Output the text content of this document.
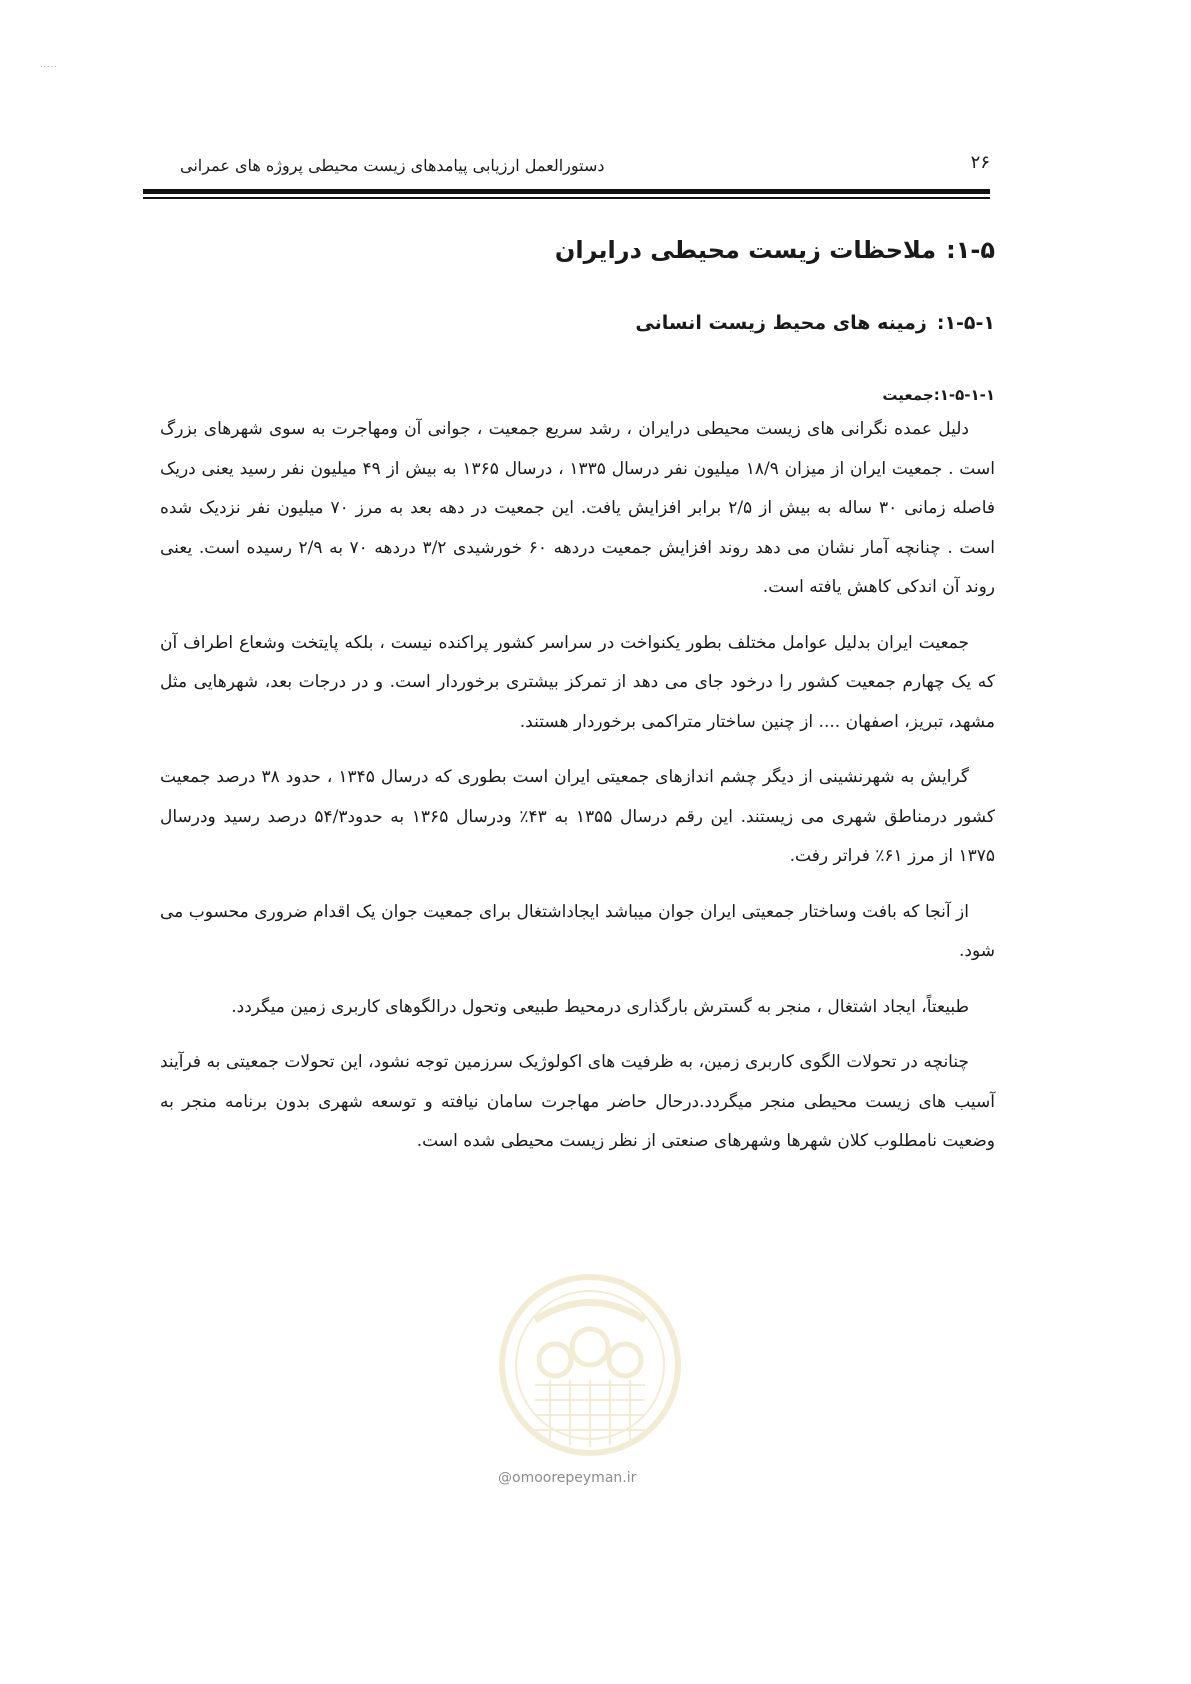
.....
۲۶
دستورالعمل ارزیابی پیامدهای زیست محیطی پروژه های عمرانی
۱-۵:ملاحظات زیست محیطی درایران
۱-۵-۱:زمینه های محیط زیست انسانی
۱-۵-۱-۱:جمعیت

دلیل عمده نگرانی های زیست محیطی درایران ، رشد سریع جمعیت ، جوانی آن ومهاجرت به سوی شهرهای بزرگ است . جمعیت ایران از میزان ۱۸/۹ میلیون نفر درسال ۱۳۳۵ ، درسال ۱۳۶۵ به بیش از ۴۹ میلیون نفر رسید یعنی دریک فاصله زمانی ۳۰ ساله به بیش از ۲/۵ برابر افزایش یافت. این جمعیت در دهه بعد به مرز ۷۰ میلیون نفر نزدیک شده است . چنانچه آمار نشان می دهد روند افزایش جمعیت دردهه ۶۰ خورشیدی ۳/۲ دردهه ۷۰ به ۲/۹ رسیده است. یعنی روند آن اندکی کاهش یافته است.

جمعیت ایران بدلیل عوامل مختلف بطور یکنواخت در سراسر کشور پراکنده نیست ، بلکه پایتخت وشعاع اطراف آن که یک چهارم جمعیت کشور را درخود جای می دهد از تمرکز بیشتری برخوردار است. و در درجات بعد، شهرهایی مثل مشهد، تبریز، اصفهان .... از چنین ساختار متراکمی برخوردار هستند.

گرایش به شهرنشینی از دیگر چشم اندازهای جمعیتی ایران است بطوری که درسال ۱۳۴۵ ، حدود ۳۸ درصد جمعیت کشور درمناطق شهری می زیستند. این رقم درسال ۱۳۵۵ به ۴۳٪ ودرسال ۱۳۶۵ به حدود۵۴/۳ درصد رسید ودرسال ۱۳۷۵ از مرز ۶۱٪ فراتر رفت.

از آنجا که بافت وساختار جمعیتی ایران جوان میباشد ایجاداشتغال برای جمعیت جوان یک اقدام ضروری محسوب می شود.

طبیعتاً، ایجاد اشتغال ، منجر به گسترش بارگذاری درمحیط طبیعی وتحول درالگوهای کاربری زمین میگردد.

چنانچه در تحولات الگوی کاربری زمین، به ظرفیت های اکولوژیک سرزمین توجه نشود، این تحولات جمعیتی به فرآیند آسیب های زیست محیطی منجر میگردد.درحال حاضر مهاجرت سامان نیافته و توسعه شهری بدون برنامه منجر به وضعیت نامطلوب کلان شهرها وشهرهای صنعتی از نظر زیست محیطی شده است.

@omoorepeyman.ir
